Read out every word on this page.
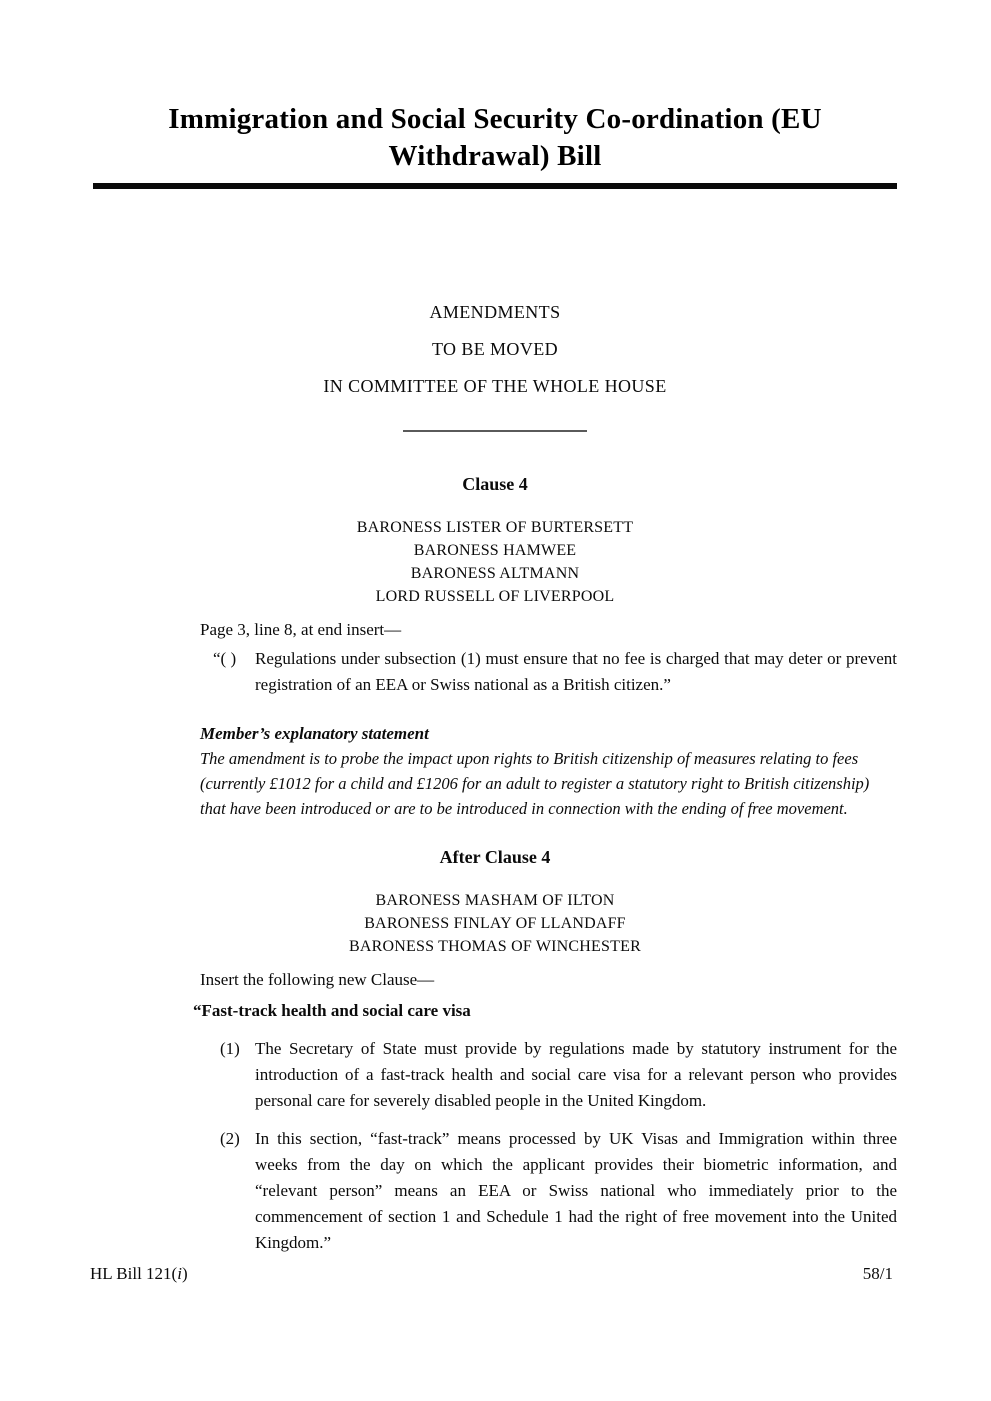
Immigration and Social Security Co-ordination (EU
Withdrawal) Bill

AMENDMENTS

TO BE MOVED

IN COMMITTEE OF THE WHOLE HOUSE

Clause 4
BARONESS LISTER OF BURTERSETT
BARONESS HAMWEE
BARONESS ALTMANN
LORD RUSSELL OF LIVERPOOL

Page 3, line 8, at end insert—

“( )	Regulations under subsection (1) must ensure that no fee is charged that may deter or prevent registration of an EEA or Swiss national as a British citizen.”

Member’s explanatory statement

The amendment is to probe the impact upon rights to British citizenship of measures relating to fees (currently £1012 for a child and £1206 for an adult to register a statutory right to British citizenship) that have been introduced or are to be introduced in connection with the ending of free movement.

After Clause 4
BARONESS MASHAM OF ILTON
BARONESS FINLAY OF LLANDAFF
BARONESS THOMAS OF WINCHESTER

Insert the following new Clause—

“Fast-track health and social care visa

(1) The Secretary of State must provide by regulations made by statutory instrument for the introduction of a fast-track health and social care visa for a relevant person who provides personal care for severely disabled people in the United Kingdom.
(2) In this section, “fast-track” means processed by UK Visas and Immigration within three weeks from the day on which the applicant provides their biometric information, and “relevant person” means an EEA or Swiss national who immediately prior to the commencement of section 1 and Schedule 1 had the right of free movement into the United Kingdom.”
HL Bill 121(i)	58/1
